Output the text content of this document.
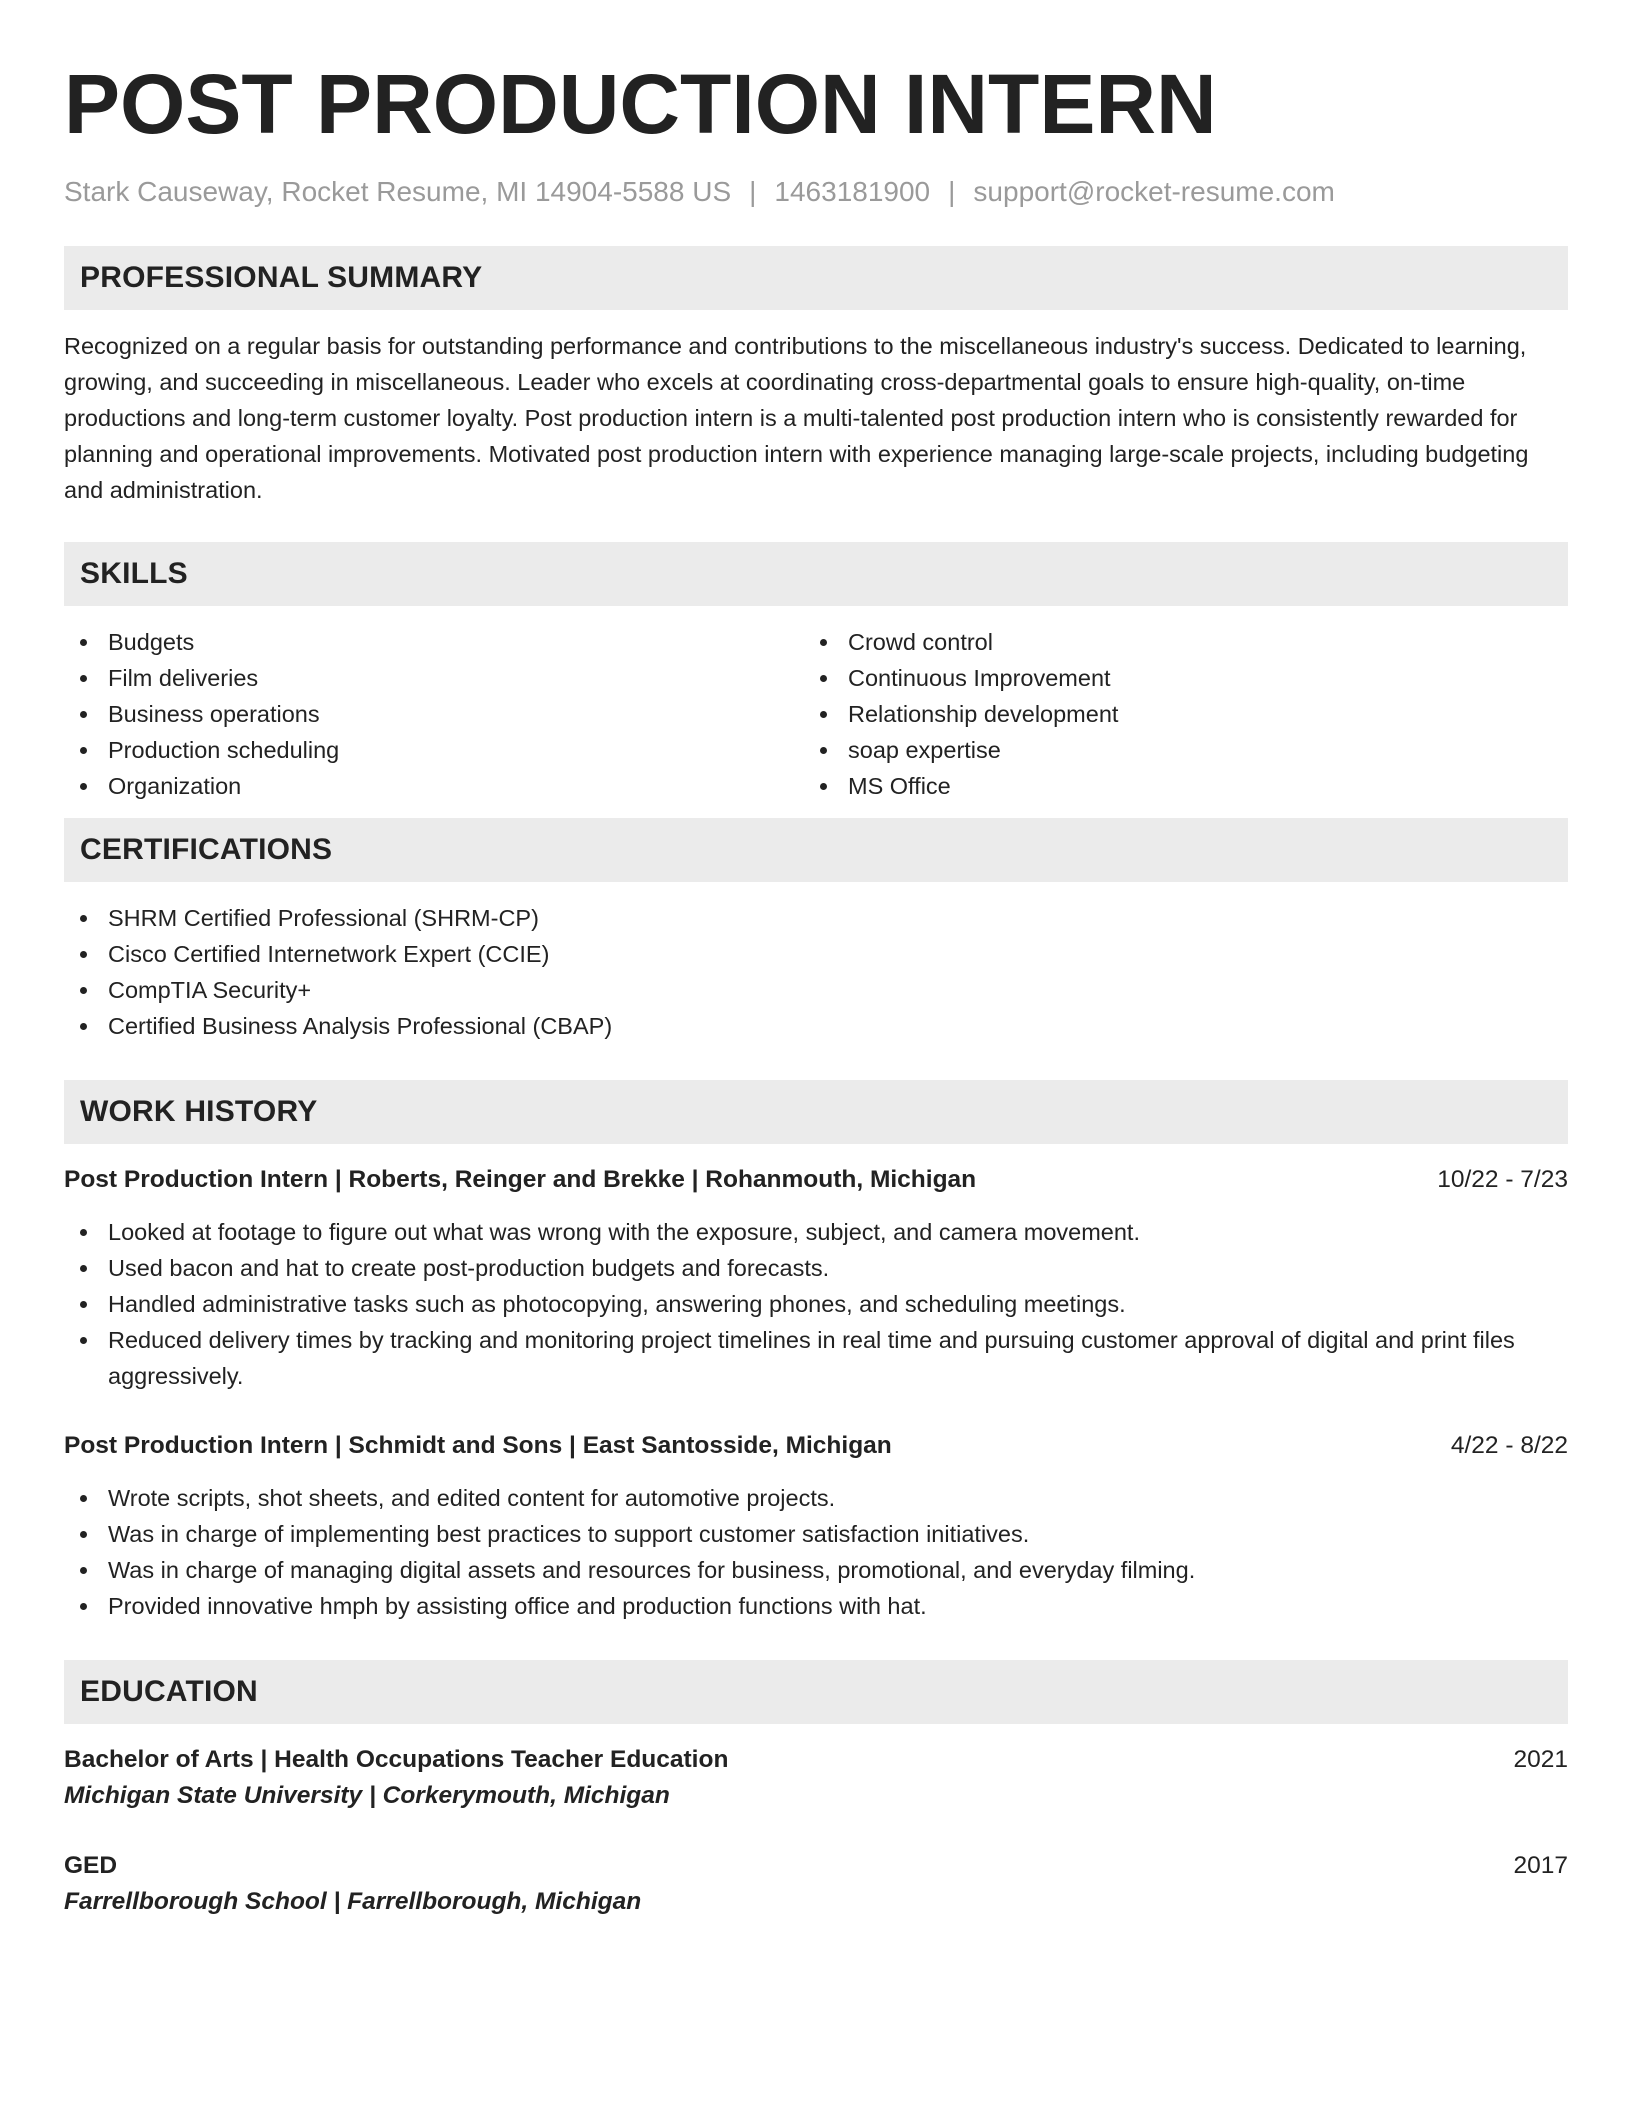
POST PRODUCTION INTERN
Stark Causeway, Rocket Resume, MI 14904-5588 US | 1463181900 | support@rocket-resume.com
PROFESSIONAL SUMMARY

Recognized on a regular basis for outstanding performance and contributions to the miscellaneous industry's success. Dedicated to learning, growing, and succeeding in miscellaneous. Leader who excels at coordinating cross-departmental goals to ensure high-quality, on-time productions and long-term customer loyalty. Post production intern is a multi-talented post production intern who is consistently rewarded for planning and operational improvements. Motivated post production intern with experience managing large-scale projects, including budgeting and administration.

SKILLS
Budgets
Film deliveries
Business operations
Production scheduling
Organization
Crowd control
Continuous Improvement
Relationship development
soap expertise
MS Office
CERTIFICATIONS
SHRM Certified Professional (SHRM-CP)
Cisco Certified Internetwork Expert (CCIE)
CompTIA Security+
Certified Business Analysis Professional (CBAP)
WORK HISTORY
Post Production Intern | Roberts, Reinger and Brekke | Rohanmouth, Michigan	10/22 - 7/23
Looked at footage to figure out what was wrong with the exposure, subject, and camera movement.
Used bacon and hat to create post-production budgets and forecasts.
Handled administrative tasks such as photocopying, answering phones, and scheduling meetings.
Reduced delivery times by tracking and monitoring project timelines in real time and pursuing customer approval of digital and print files aggressively.
Post Production Intern | Schmidt and Sons | East Santosside, Michigan	4/22 - 8/22
Wrote scripts, shot sheets, and edited content for automotive projects.
Was in charge of implementing best practices to support customer satisfaction initiatives.
Was in charge of managing digital assets and resources for business, promotional, and everyday filming.
Provided innovative hmph by assisting office and production functions with hat.
EDUCATION
Bachelor of Arts | Health Occupations Teacher Education	2021
Michigan State University | Corkerymouth, Michigan
GED	2017
Farrellborough School | Farrellborough, Michigan
